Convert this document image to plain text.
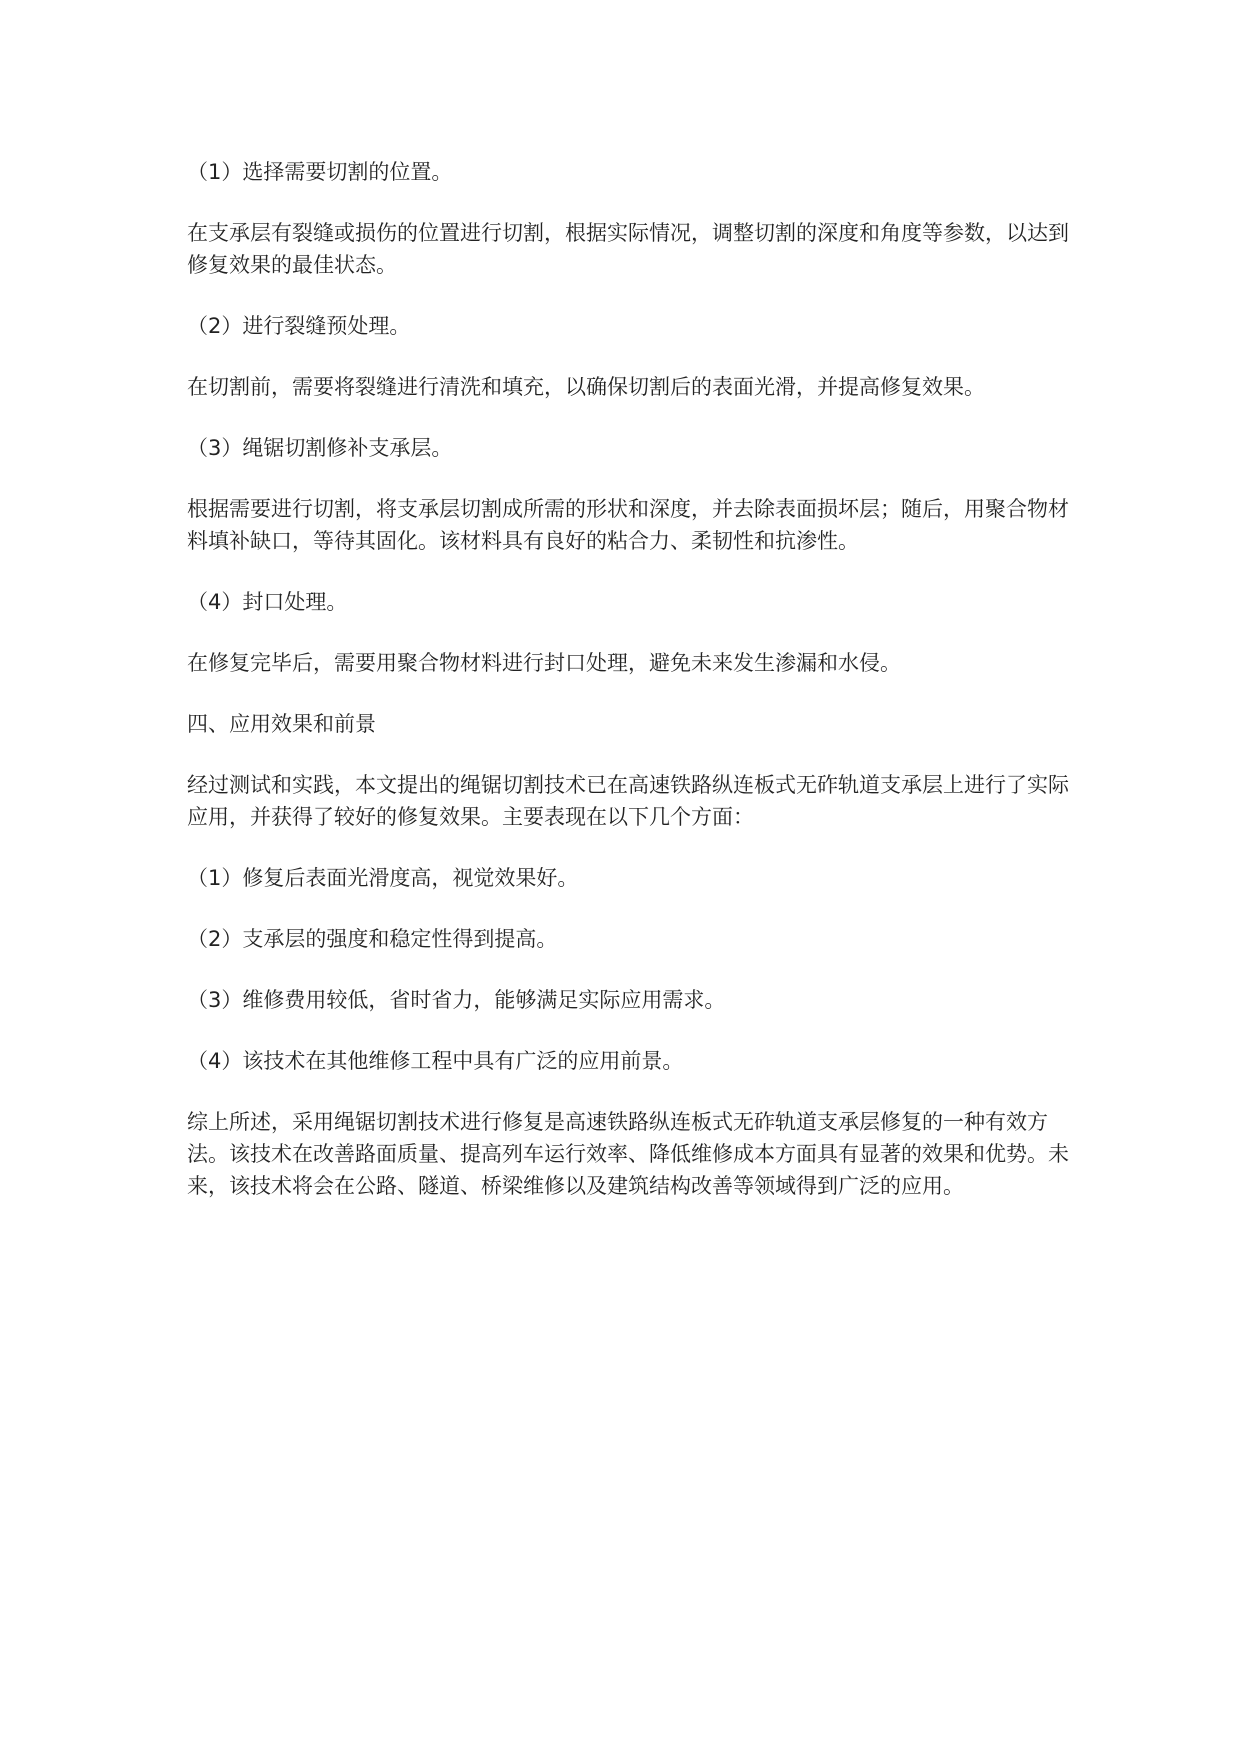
（1）选择需要切割的位置。

在支承层有裂缝或损伤的位置进行切割，根据实际情况，调整切割的深度和角度等参数，以达到修复效果的最佳状态。

（2）进行裂缝预处理。

在切割前，需要将裂缝进行清洗和填充，以确保切割后的表面光滑，并提高修复效果。

（3）绳锯切割修补支承层。

根据需要进行切割，将支承层切割成所需的形状和深度，并去除表面损坏层；随后，用聚合物材料填补缺口，等待其固化。该材料具有良好的粘合力、柔韧性和抗渗性。

（4）封口处理。

在修复完毕后，需要用聚合物材料进行封口处理，避免未来发生渗漏和水侵。

四、应用效果和前景

经过测试和实践，本文提出的绳锯切割技术已在高速铁路纵连板式无砟轨道支承层上进行了实际应用，并获得了较好的修复效果。主要表现在以下几个方面：

（1）修复后表面光滑度高，视觉效果好。

（2）支承层的强度和稳定性得到提高。

（3）维修费用较低，省时省力，能够满足实际应用需求。

（4）该技术在其他维修工程中具有广泛的应用前景。

综上所述，采用绳锯切割技术进行修复是高速铁路纵连板式无砟轨道支承层修复的一种有效方法。该技术在改善路面质量、提高列车运行效率、降低维修成本方面具有显著的效果和优势。未来，该技术将会在公路、隧道、桥梁维修以及建筑结构改善等领域得到广泛的应用。
